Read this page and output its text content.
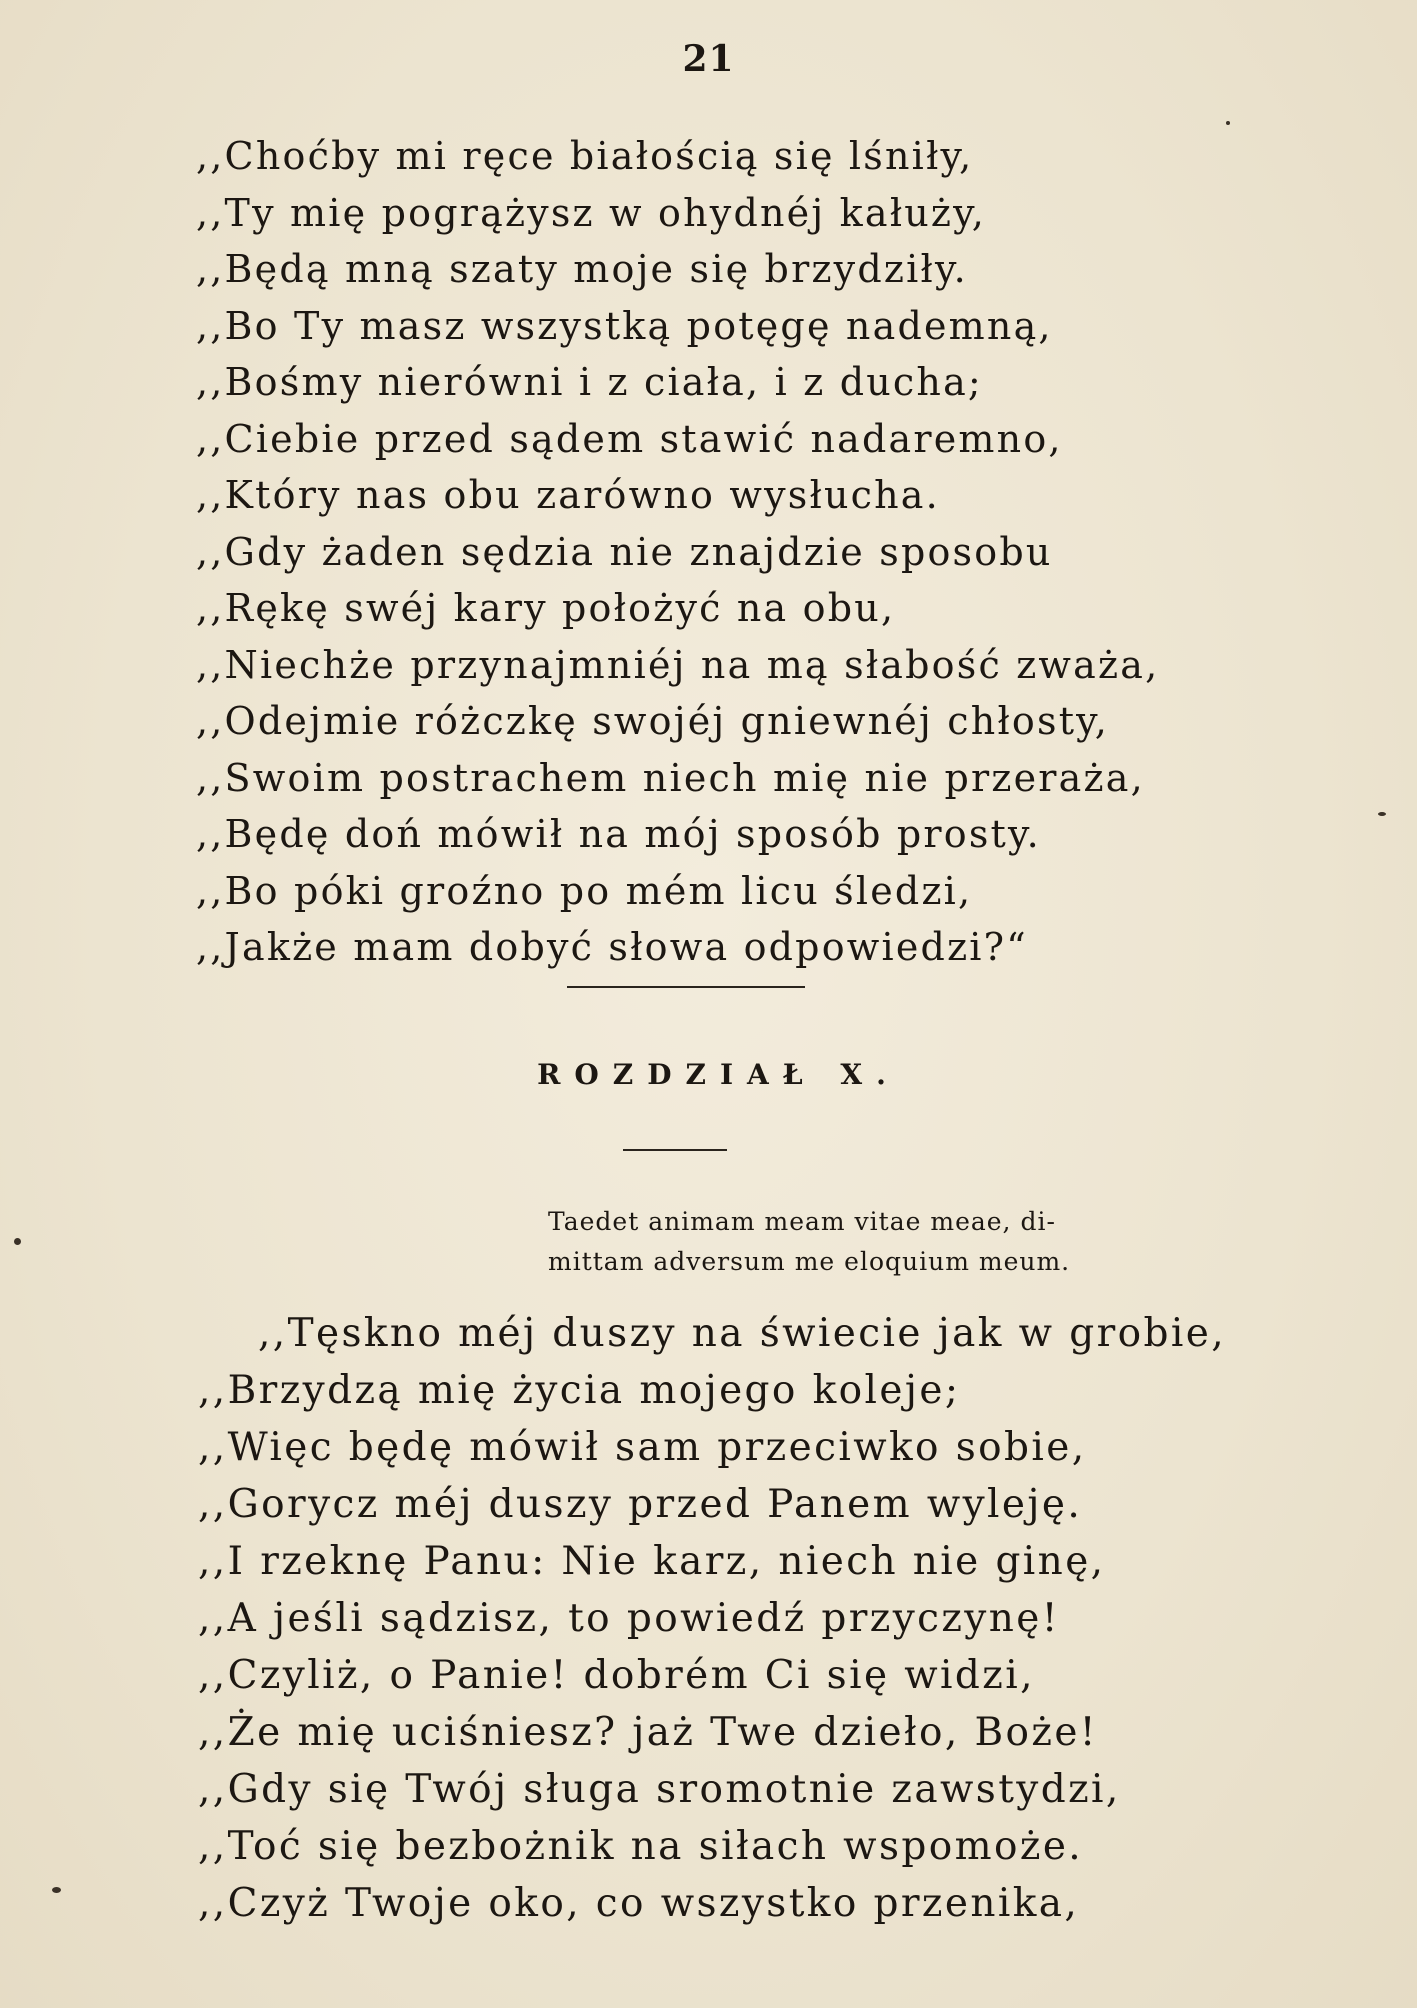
21
,,Choćby mi ręce białością się lśniły,
,,Ty mię pogrążysz w ohydnéj kałuży,
,,Będą mną szaty moje się brzydziły.
,,Bo Ty masz wszystką potęgę nademną,
,,Bośmy nierówni i z ciała, i z ducha;
,,Ciebie przed sądem stawić nadaremno,
,,Który nas obu zarówno wysłucha.
,,Gdy żaden sędzia nie znajdzie sposobu
,,Rękę swéj kary położyć na obu,
,,Niechże przynajmniéj na mą słabość zważa,
,,Odejmie różczkę swojéj gniewnéj chłosty,
,,Swoim postrachem niech mię nie przeraża,
,,Będę doń mówił na mój sposób prosty.
,,Bo póki groźno po mém licu śledzi,
,,Jakże mam dobyć słowa odpowiedzi?“
ROZDZIAŁ X.

Taedet animam meam vitae meae, di-
mittam adversum me eloquium meum.

,,Tęskno méj duszy na świecie jak w grobie,
,,Brzydzą mię życia mojego koleje;
,,Więc będę mówił sam przeciwko sobie,
,,Gorycz méj duszy przed Panem wyleję.
,,I rzeknę Panu: Nie karz, niech nie ginę,
,,A jeśli sądzisz, to powiedź przyczynę!
,,Czyliż, o Panie! dobrém Ci się widzi,
,,Że mię uciśniesz? jaż Twe dzieło, Boże!
,,Gdy się Twój sługa sromotnie zawstydzi,
,,Toć się bezbożnik na siłach wspomoże.
,,Czyż Twoje oko, co wszystko przenika,
